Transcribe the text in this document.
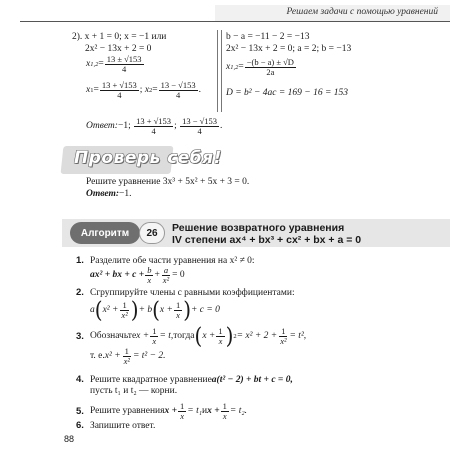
Решаем задачи с помощью уравнений
2). x + 1 = 0; x = −1 или
2x² − 13x + 2 = 0
x $1,2 = \frac{13 \pm √153}{4}$
x $1 = \frac{13 + √153}{4}$ ;
x $2 = \frac{13 - √153}{4}$ .
b − a = −11 − 2 = −13
2x² − 13x + 2 = 0; a = 2; b = −13
x $1,2 = \frac{-(b - a) \pm √D}{2a}$
D = b² − 4ac = 169 − 16 = 153
Ответ: −1;
$\frac{13 + √153}{4}$ ;
$\frac{13 - √153}{4}$ .
Проверь себя!
Решите уравнение 3x³ + 5x² + 5x + 3 = 0.
Ответ: −1.
Алгоритм	26	Решение возвратного уравнения
IV степени ax⁴ + bx³ + cx² + bx + a = 0
1. Разделите обе части уравнения на x² ≠ 0:
ax² + bx + $c + \frac{b}{x} + \frac{a}{\text{x²}} = 0$
2. Сгруппируйте члены с равными коэффициентами:
a ( $x^2 + \frac{1}{\text{x²}}$ ) + b ( $x + \frac{1}{x}$ ) + c = 0
3. Обозначьте $x + \frac{1}{x} = t$, тогда ( $x + \frac{1}{x}$ ) $2 = x^2 + 2 + \frac{1}{\text{x²}} = t^2$,
т. е. $x^2 + \frac{1}{\text{x²}} = t^2 - 2$.
4. Решите квадратное уравнение a(t² − 2) + bt + c = 0,
пусть t₁ и t₂ — корни.
5. Решите уравнения $x + \frac{1}{x} = t_1$ и $x + \frac{1}{x} = t_2$.
6. Запишите ответ.
88
